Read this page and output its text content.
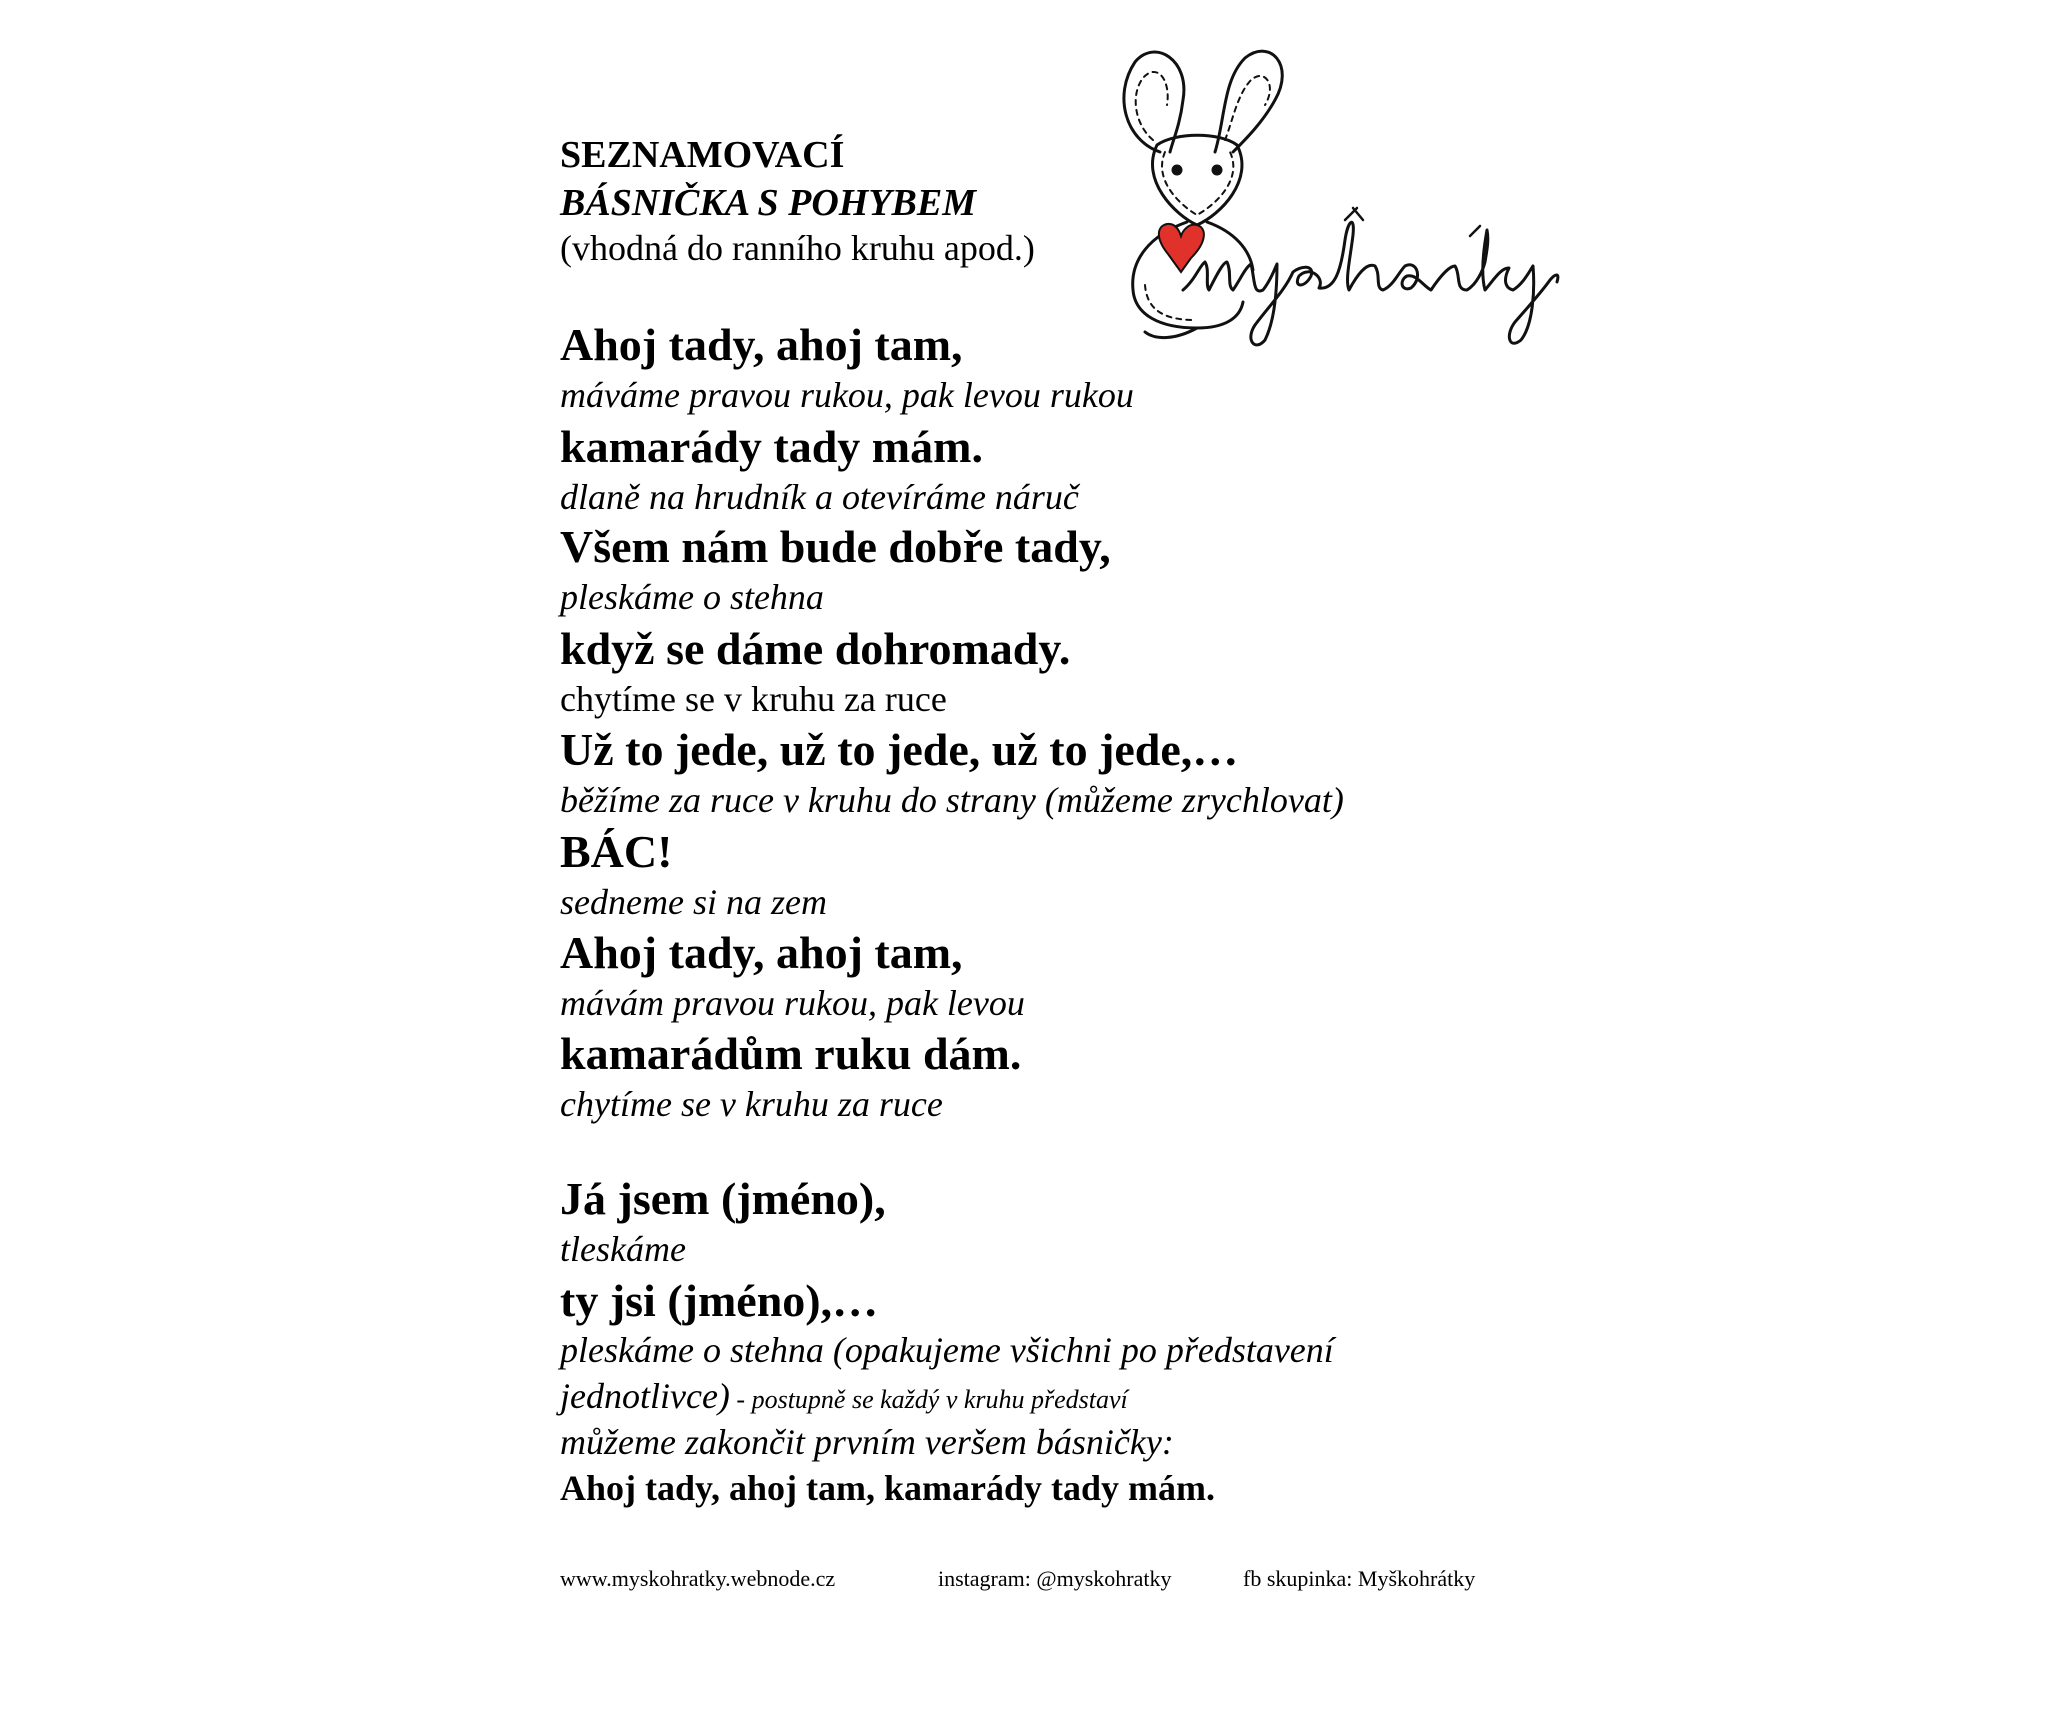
SEZNAMOVACÍ
BÁSNIČKA S POHYBEM
(vhodná do ranního kruhu apod.)
Ahoj tady, ahoj tam,
máváme pravou rukou, pak levou rukou
kamarády tady mám.
dlaně na hrudník a otevíráme náruč
Všem nám bude dobře tady,
pleskáme o stehna
když se dáme dohromady.
chytíme se v kruhu za ruce
Už to jede, už to jede, už to jede,…
běžíme za ruce v kruhu do strany (můžeme zrychlovat)
BÁC!
sedneme si na zem
Ahoj tady, ahoj tam,
mávám pravou rukou, pak levou
kamarádům ruku dám.
chytíme se v kruhu za ruce
Já jsem (jméno),
tleskáme
ty jsi (jméno),…
pleskáme o stehna (opakujeme všichni po představení
jednotlivce) - postupně se každý v kruhu představí
můžeme zakončit prvním veršem básničky:
Ahoj tady, ahoj tam, kamarády tady mám.
www.myskohratky.webnode.cz	instagram: @myskohratky	fb skupinka: Myškohrátky
